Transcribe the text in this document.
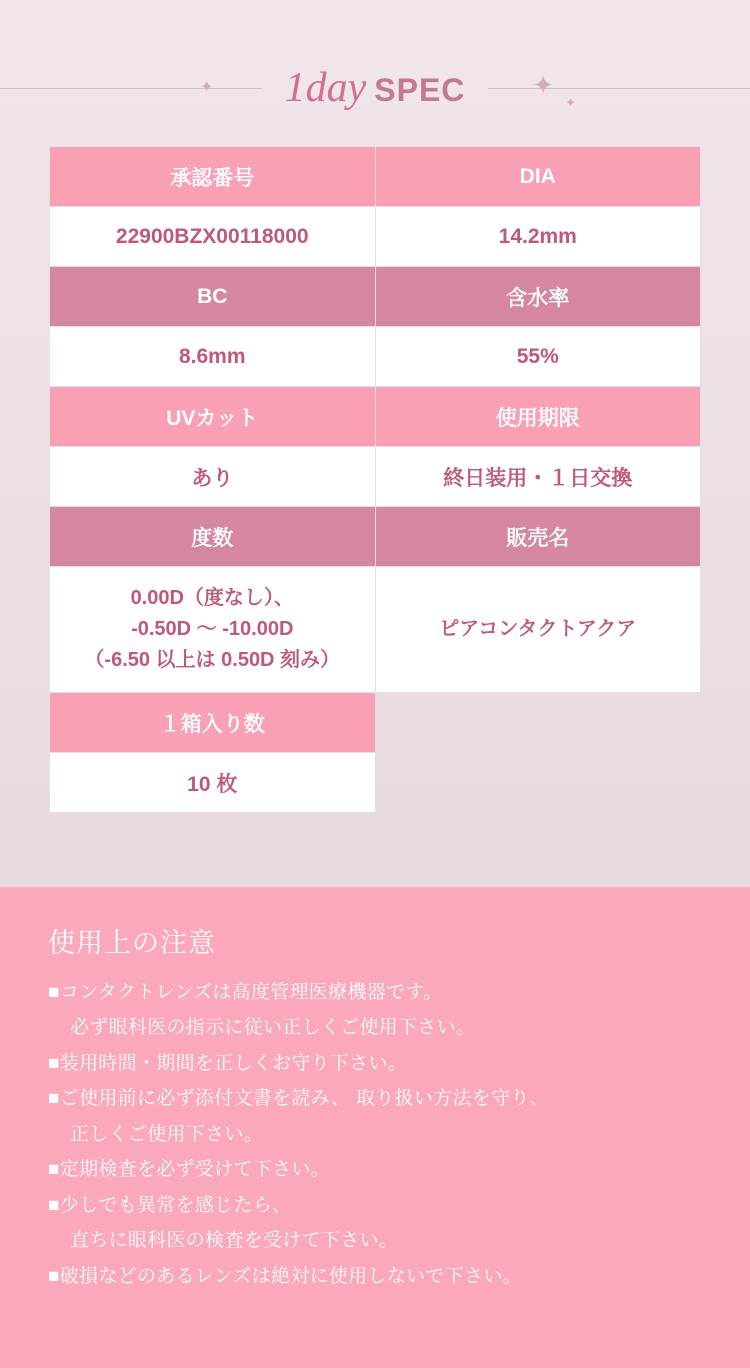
✦	✦
✦
1day SPEC
承認番号	DIA
22900BZX00118000	14.2mm
BC	含水率
8.6mm	55%
UVカット	使用期限
あり	終日装用・１日交換
度数	販売名

0.00D（度なし）、
-0.50D 〜 -10.00D
（-6.50 以上は 0.50D 刻み）	ピアコンタクトアクア
１箱入り数	
10 枚	
使用上の注意
■コンタクトレンズは高度管理医療機器です。
必ず眼科医の指示に従い正しくご使用下さい。
■装用時間・期間を正しくお守り下さい。
■ご使用前に必ず添付文書を読み、 取り扱い方法を守り、
正しくご使用下さい。
■定期検査を必ず受けて下さい。
■少しでも異常を感じたら、
直ちに眼科医の検査を受けて下さい。
■破損などのあるレンズは絶対に使用しないで下さい。
